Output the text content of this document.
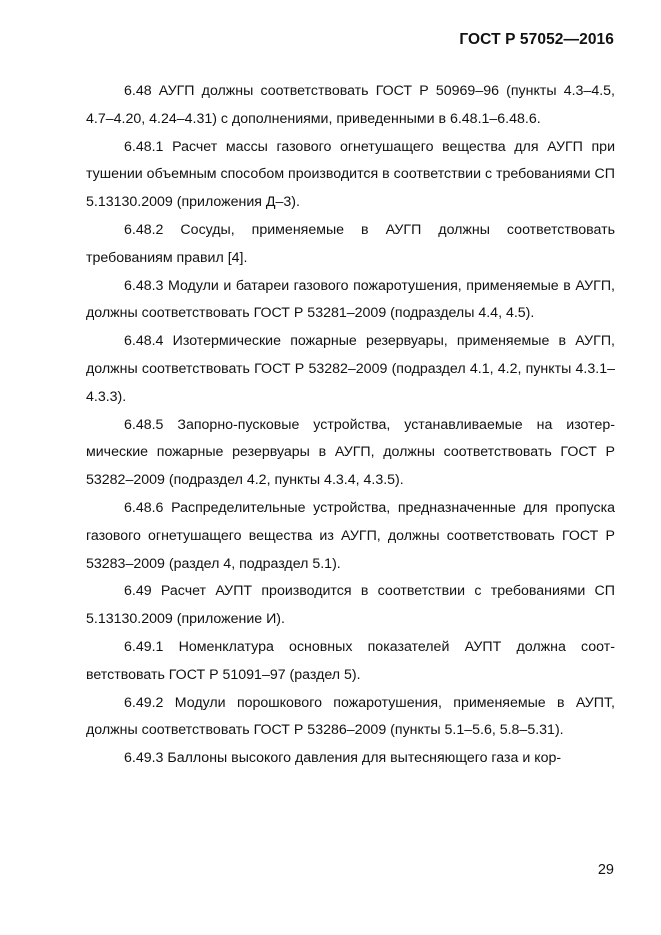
ГОСТ Р 57052—2016

6.48 АУГП должны соответствовать ГОСТ Р 50969–96 (пункты 4.3–4.5, 4.7–4.20, 4.24–4.31) с дополнениями, приведенными в 6.48.1–6.48.6.

6.48.1 Расчет массы газового огнетушащего вещества для АУГП при тушении объемным способом производится в соответствии с требованиями СП 5.13130.2009 (приложения Д–3).

6.48.2 Сосуды, применяемые в АУГП должны соответствовать требованиям правил [4].

6.48.3 Модули и батареи газового пожаротушения, применяемые в АУГП, должны соответствовать ГОСТ Р 53281–2009 (подразделы 4.4, 4.5).

6.48.4 Изотермические пожарные резервуары, применяемые в АУГП, должны соответствовать ГОСТ Р 53282–2009 (подраздел 4.1, 4.2, пункты 4.3.1–4.3.3).

6.48.5 Запорно-пусковые устройства, устанавливаемые на изотермические пожарные резервуары в АУГП, должны соответствовать ГОСТ Р 53282–2009 (подраздел 4.2, пункты 4.3.4, 4.3.5).

6.48.6 Распределительные устройства, предназначенные для пропуска газового огнетушащего вещества из АУГП, должны соответствовать ГОСТ Р 53283–2009 (раздел 4, подраздел 5.1).

6.49 Расчет АУПТ производится в соответствии с требованиями СП 5.13130.2009 (приложение И).

6.49.1 Номенклатура основных показателей АУПТ должна соответствовать ГОСТ Р 51091–97 (раздел 5).

6.49.2 Модули порошкового пожаротушения, применяемые в АУПТ, должны соответствовать ГОСТ Р 53286–2009 (пункты 5.1–5.6, 5.8–5.31).

6.49.3 Баллоны высокого давления для вытесняющего газа и кор-

29
